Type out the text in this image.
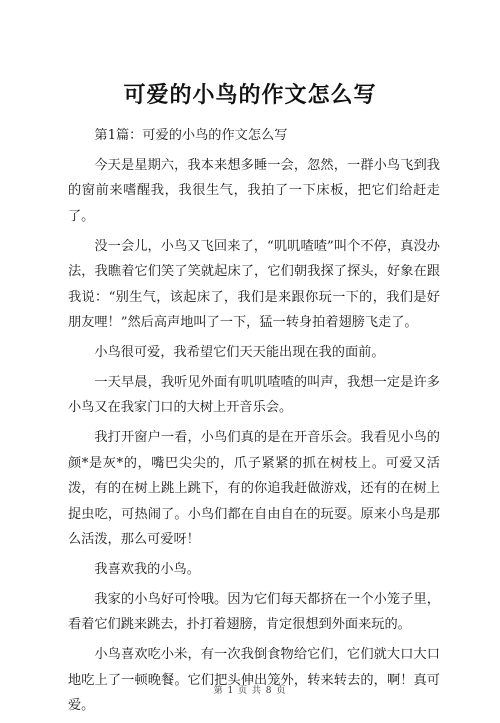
可爱的小鸟的作文怎么写

第1篇：可爱的小鸟的作文怎么写

今天是星期六，我本来想多睡一会，忽然，一群小鸟飞到我的窗前来嗜醒我，我很生气，我拍了一下床板，把它们给赶走了。

没一会儿，小鸟又飞回来了，“叽叽喳喳”叫个不停，真没办法，我瞧着它们笑了笑就起床了，它们朝我探了探头，好象在跟我说：“别生气，该起床了，我们是来跟你玩一下的，我们是好朋友哩！”然后高声地叫了一下，猛一转身拍着翅膀飞走了。

小鸟很可爱，我希望它们天天能出现在我的面前。

一天早晨，我听见外面有叽叽喳喳的叫声，我想一定是许多小鸟又在我家门口的大树上开音乐会。

我打开窗户一看，小鸟们真的是在开音乐会。我看见小鸟的颜*是灰*的，嘴巴尖尖的，爪子紧紧的抓在树枝上。可爱又活泼，有的在树上跳上跳下，有的你追我赶做游戏，还有的在树上捉虫吃，可热闹了。小鸟们都在自由自在的玩耍。原来小鸟是那么活泼，那么可爱呀！

我喜欢我的小鸟。

我家的小鸟好可怜哦。因为它们每天都挤在一个小笼子里，看着它们跳来跳去，扑打着翅膀，肯定很想到外面来玩的。

小鸟喜欢吃小米，有一次我倒食物给它们，它们就大口大口地吃上了一顿晚餐。它们把头伸出笼外，转来转去的，啊！真可爱。

第 1 页 共 8 页
